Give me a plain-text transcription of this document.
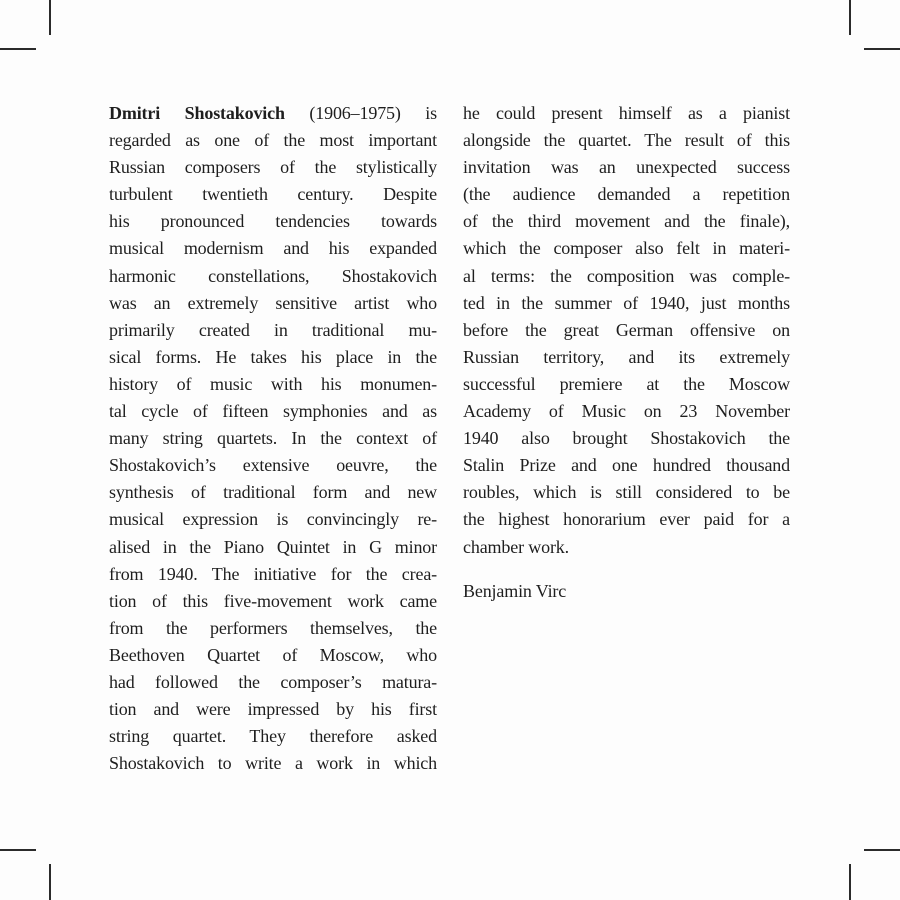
Dmitri Shostakovich (1906–1975) is
regarded as one of the most important
Russian composers of the stylistically
turbulent twentieth century. Despite
his pronounced tendencies towards
musical modernism and his expanded
harmonic constellations, Shostakovich
was an extremely sensitive artist who
primarily created in traditional mu-
sical forms. He takes his place in the
history of music with his monumen-
tal cycle of fifteen symphonies and as
many string quartets. In the context of
Shostakovich’s extensive oeuvre, the
synthesis of traditional form and new
musical expression is convincingly re-
alised in the Piano Quintet in G minor
from 1940. The initiative for the crea-
tion of this five-movement work came
from the performers themselves, the
Beethoven Quartet of Moscow, who
had followed the composer’s matura-
tion and were impressed by his first
string quartet. They therefore asked
Shostakovich to write a work in which
he could present himself as a pianist
alongside the quartet. The result of this
invitation was an unexpected success
(the audience demanded a repetition
of the third movement and the finale),
which the composer also felt in materi-
al terms: the composition was comple-
ted in the summer of 1940, just months
before the great German offensive on
Russian territory, and its extremely
successful premiere at the Moscow
Academy of Music on 23 November
1940 also brought Shostakovich the
Stalin Prize and one hundred thousand
roubles, which is still considered to be
the highest honorarium ever paid for a
chamber work.
Benjamin Virc
